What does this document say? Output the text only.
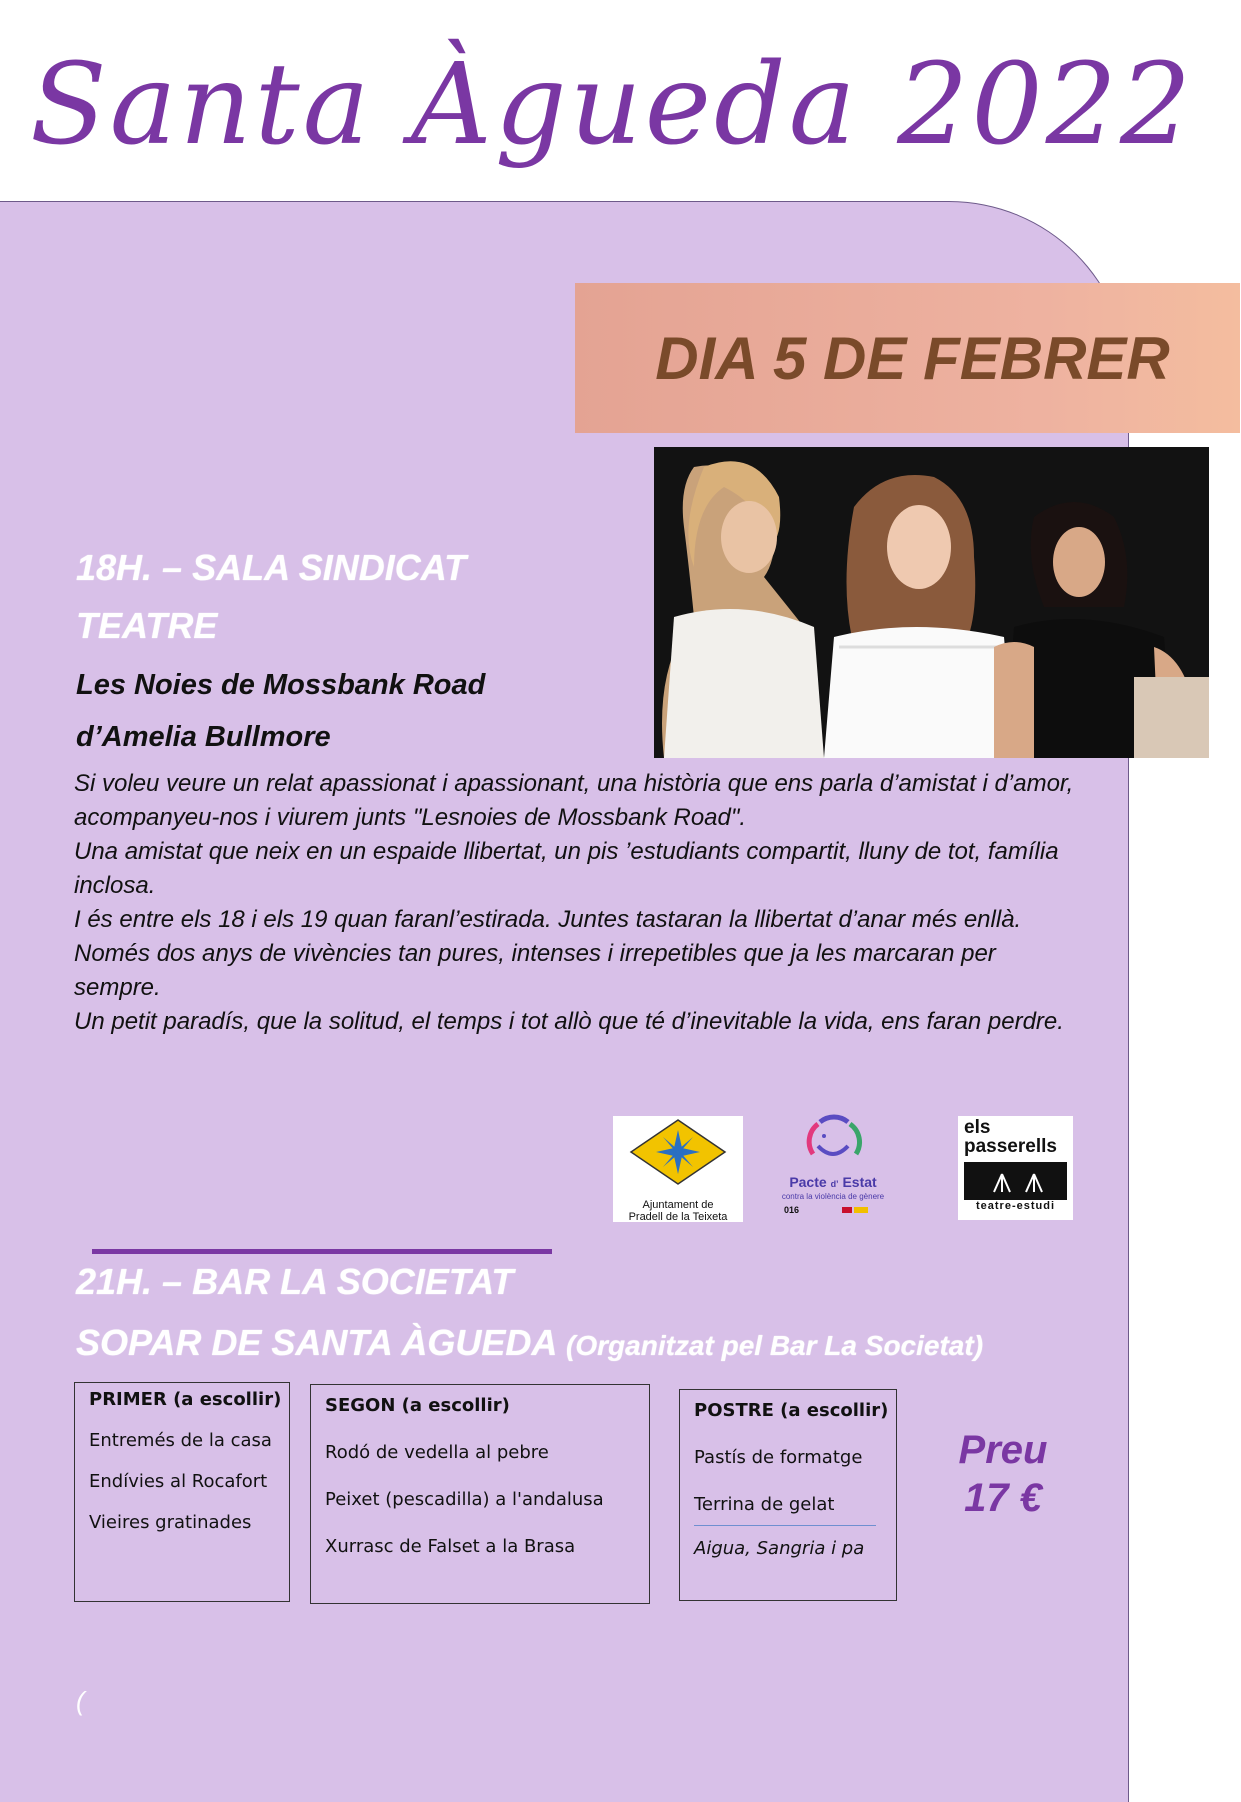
Santa Àgueda 2022
DIA 5 DE FEBRER
18H. – SALA SINDICAT
TEATRE
Les Noies de Mossbank Road
d’Amelia Bullmore

Si voleu veure un relat apassionat i apassionant, una història que ens parla d’amistat i d’amor, acompanyeu-nos i viurem junts "Lesnoies de Mossbank Road".

Una amistat que neix en un espaide llibertat, un pis ’estudiants compartit, lluny de tot, família inclosa.

I és entre els 18 i els 19 quan faranl’estirada. Juntes tastaran la llibertat d’anar més enllà.

Només dos anys de vivències tan pures, intenses i irrepetibles que ja les marcaran per sempre.

Un petit paradís, que la solitud, el temps i tot allò que té d’inevitable la vida, ens faran perdre.

Ajuntament de
Pradell de la Teixeta
Pacte d’ Estat
contra la violència de gènere
016
els
passerells
teatre-estudi
21H. – BAR LA SOCIETAT
SOPAR DE SANTA ÀGUEDA (Organitzat pel Bar La Societat)
PRIMER (a escollir)
Entremés de la casa
Endívies al Rocafort
Vieires gratinades
SEGON (a escollir)
Rodó de vedella al pebre
Peixet (pescadilla) a l'andalusa
Xurrasc de Falset a la Brasa
POSTRE (a escollir)
Pastís de formatge
Terrina de gelat
Aigua, Sangria i pa
Preu
17 €
(
